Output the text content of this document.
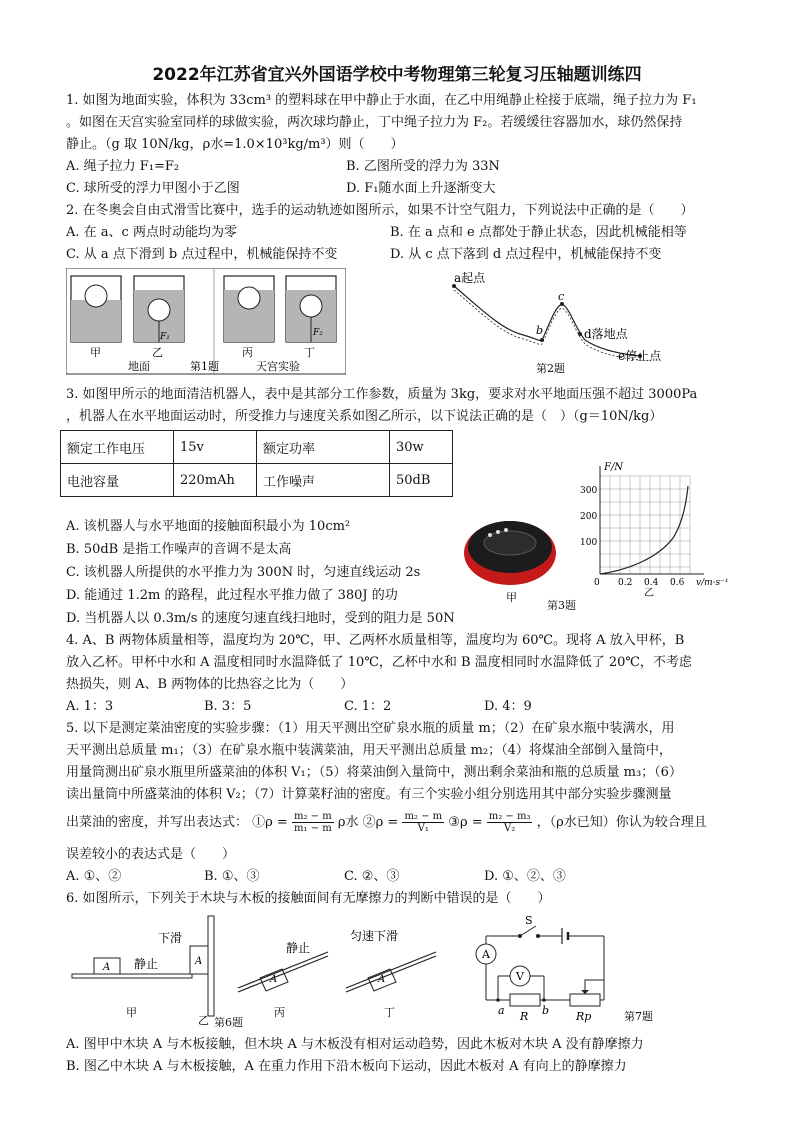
2022年江苏省宜兴外国语学校中考物理第三轮复习压轴题训练四
1. 如图为地面实验，体积为 33cm³ 的塑料球在甲中静止于水面，在乙中用绳静止栓接于底端，绳子拉力为 F₁
。如图在天宫实验室同样的球做实验，两次球均静止，丁中绳子拉力为 F₂。若缓缓往容器加水，球仍然保持
静止。（g 取 10N/kg，ρ水=1.0×10³kg/m³）则（　　）
A. 绳子拉力 F₁=F₂	B. 乙图所受的浮力为 33N
C. 球所受的浮力甲图小于乙图	D. F₁随水面上升逐渐变大
2. 在冬奥会自由式滑雪比赛中，选手的运动轨迹如图所示，如果不计空气阻力，下列说法中正确的是（　　）
A. 在 a、c 两点时动能均为零	B. 在 a 点和 e 点都处于静止状态，因此机械能相等
C. 从 a 点下滑到 b 点过程中，机械能保持不变	D. 从 c 点下落到 d 点过程中，机械能保持不变
F₁	F₂
甲	乙	丙	丁
地面	第1题	天宫实验
a起点
b
c
d落地点
e停止点
第2题
3. 如图甲所示的地面清洁机器人，表中是其部分工作参数，质量为 3kg，要求对水平地面压强不超过 3000Pa
，机器人在水平地面运动时，所受推力与速度关系如图乙所示，以下说法正确的是（　）（g＝10N/kg）
额定工作电压	15v	额定功率	30w
电池容量	220mAh	工作噪声	50dB
A. 该机器人与水平地面的接触面积最小为 10cm²
B. 50dB 是指工作噪声的音调不是太高
C. 该机器人所提供的水平推力为 300N 时，匀速直线运动 2s
D. 能通过 1.2m 的路程，此过程水平推力做了 380J 的功
D. 当机器人以 0.3m/s 的速度匀速直线扫地时，受到的阻力是 50N
甲
第3题
F/N
300
200
100
0 0.2 0.4 0.6 v/m·s⁻¹
乙
4. A、B 两物体质量相等，温度均为 20℃，甲、乙两杯水质量相等，温度均为 60℃。现将 A 放入甲杯，B
放入乙杯。甲杯中水和 A 温度相同时水温降低了 10℃，乙杯中水和 B 温度相同时水温降低了 20℃，不考虑
热损失，则 A、B 两物体的比热容之比为（　　）
A. 1：3	B. 3：5	C. 1：2	D. 4：9
5. 以下是测定菜油密度的实验步骤：（1）用天平测出空矿泉水瓶的质量 m；（2）在矿泉水瓶中装满水，用
天平测出总质量 m₁；（3）在矿泉水瓶中装满菜油，用天平测出总质量 m₂；（4）将煤油全部倒入量筒中，
用量筒测出矿泉水瓶里所盛菜油的体积 V₁；（5）将菜油倒入量筒中，测出剩余菜油和瓶的总质量 m₃；（6）
读出量筒中所盛菜油的体积 V₂；（7）计算菜籽油的密度。有三个实验小组分别选用其中部分实验步骤测量
出菜油的密度，并写出表达式： ①ρ = $\frac{\text{m₂ − m}}{\text{m₁ − m}}$ ρ水 ②ρ = $\frac{\text{m₂ − m}}{\text{V₁}}$ ③ρ = $\frac{\text{m₂ − m₃}}{\text{V₂}}$ ，（ρ水已知）你认为较合理且
误差较小的表达式是（　　）
A. ①、②	B. ①、③	C. ②、③	D. ①、②、③
6. 如图所示，下列关于木块与木板的接触面间有无摩擦力的判断中错误的是（　　）
A 静止
甲
A
下滑
乙
A
静止
丙
A
匀速下滑
丁
第6题
A
V
S
a R b Rp	第7题
A. 图甲中木块 A 与木板接触，但木块 A 与木板没有相对运动趋势，因此木板对木块 A 没有静摩擦力
B. 图乙中木块 A 与木板接触，A 在重力作用下沿木板向下运动，因此木板对 A 有向上的静摩擦力
